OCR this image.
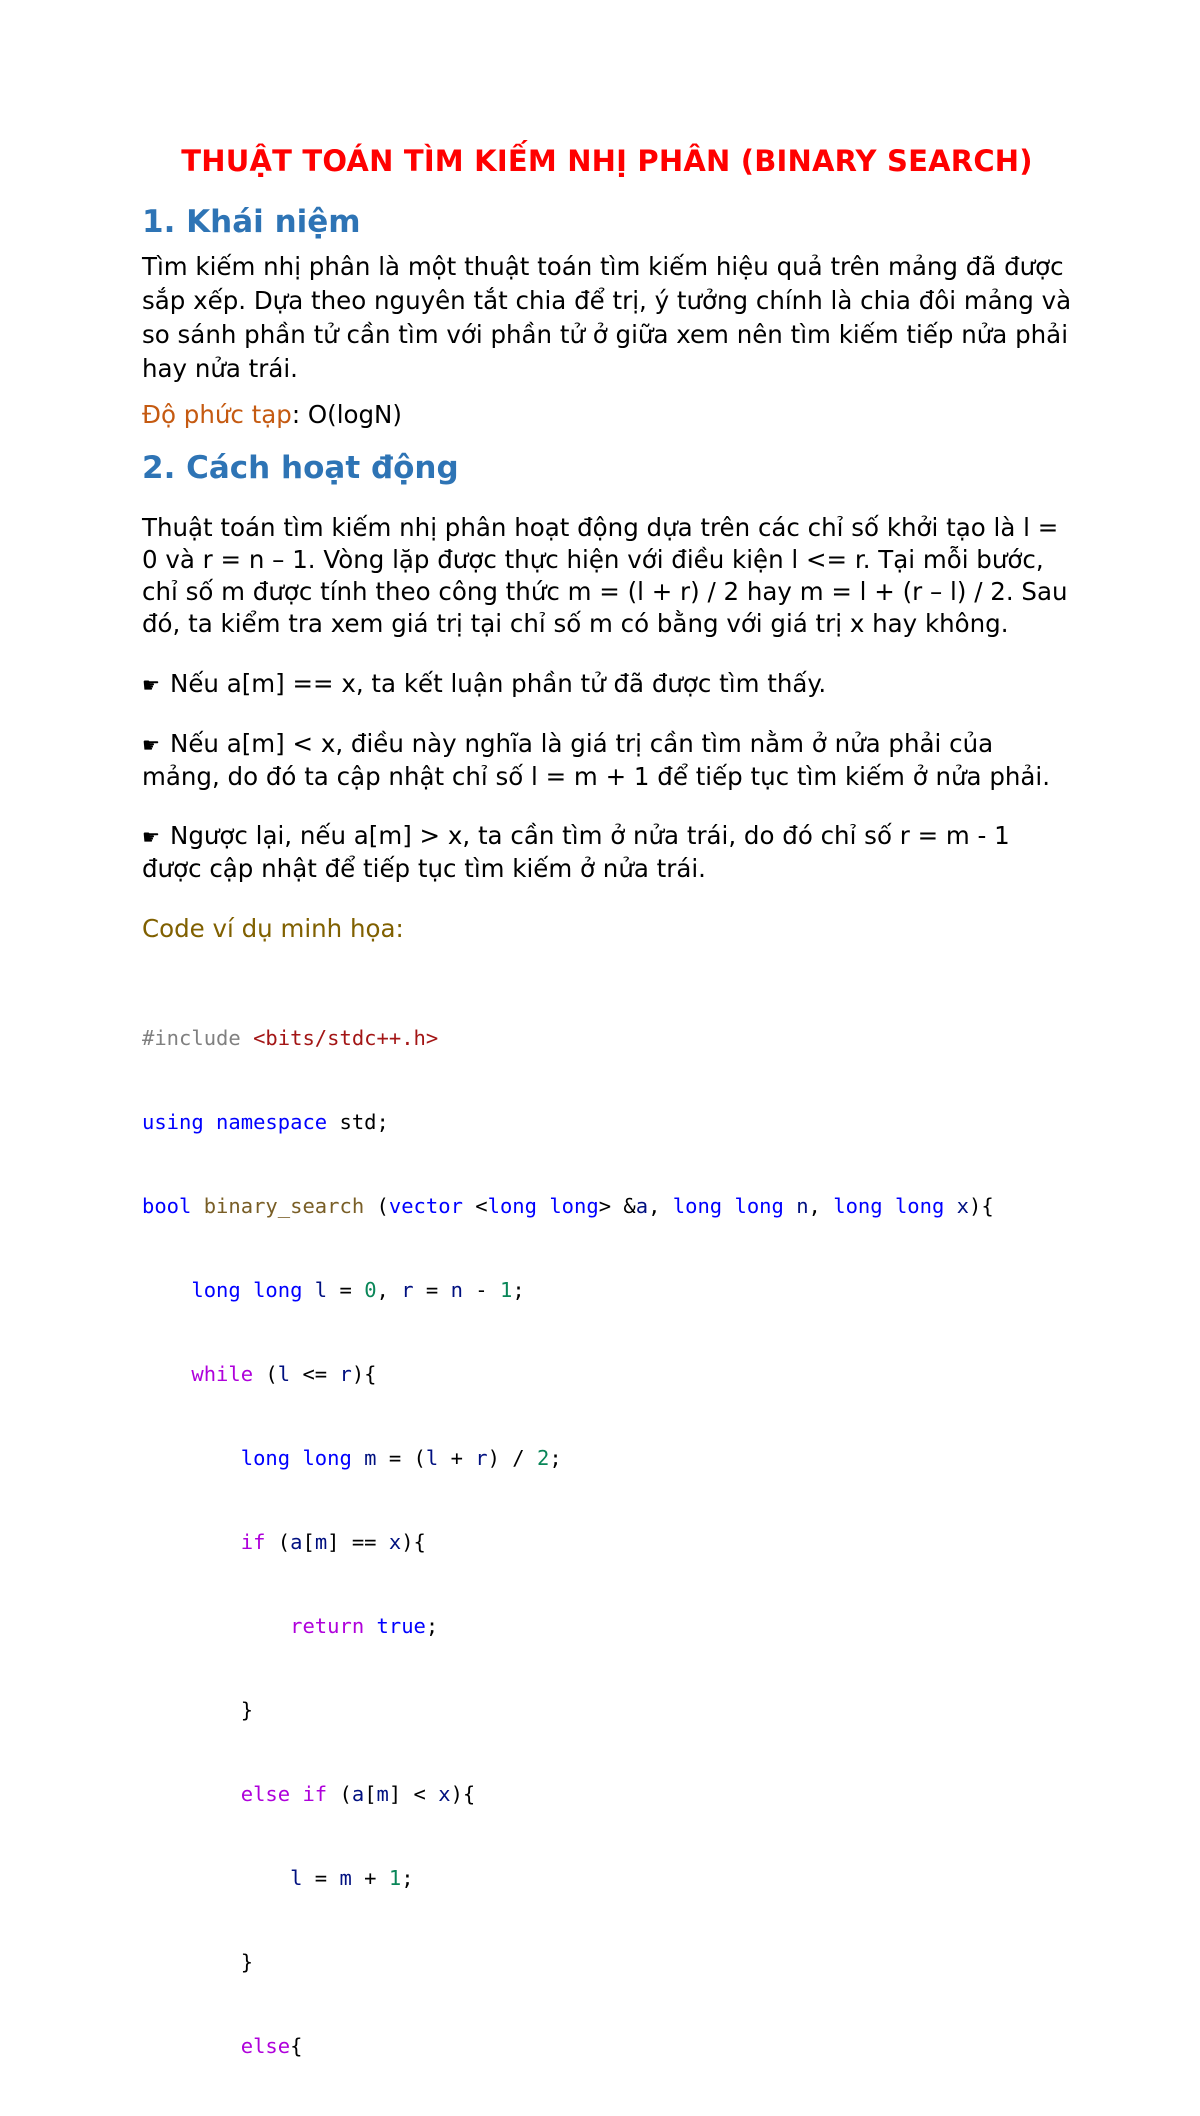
THUẬT TOÁN TÌM KIẾM NHỊ PHÂN (BINARY SEARCH)
1. Khái niệm

Tìm kiếm nhị phân là một thuật toán tìm kiếm hiệu quả trên mảng đã được sắp xếp. Dựa theo nguyên tắt chia để trị, ý tưởng chính là chia đôi mảng và so sánh phần tử cần tìm với phần tử ở giữa xem nên tìm kiếm tiếp nửa phải hay nửa trái.

Độ phức tạp: O(logN)

2. Cách hoạt động

Thuật toán tìm kiếm nhị phân hoạt động dựa trên các chỉ số khởi tạo là l = 0 và r = n – 1. Vòng lặp được thực hiện với điều kiện l <= r. Tại mỗi bước, chỉ số m được tính theo công thức m = (l + r) / 2 hay m = l + (r – l) / 2. Sau đó, ta kiểm tra xem giá trị tại chỉ số m có bằng với giá trị x hay không.

☛ Nếu a[m] == x, ta kết luận phần tử đã được tìm thấy.

☛ Nếu a[m] < x, điều này nghĩa là giá trị cần tìm nằm ở nửa phải của mảng, do đó ta cập nhật chỉ số l = m + 1 để tiếp tục tìm kiếm ở nửa phải.

☛ Ngược lại, nếu a[m] > x, ta cần tìm ở nửa trái, do đó chỉ số r = m - 1 được cập nhật để tiếp tục tìm kiếm ở nửa trái.

Code ví dụ minh họa:

#include <bits/stdc++.h>

using namespace std;

bool binary_search (vector <long long> &a, long long n, long long x){

long long l = 0, r = n - 1;

while (l <= r){

long long m = (l + r) / 2;

if (a[m] == x){

return true;

}

else if (a[m] < x){

l = m + 1;

}

else{
